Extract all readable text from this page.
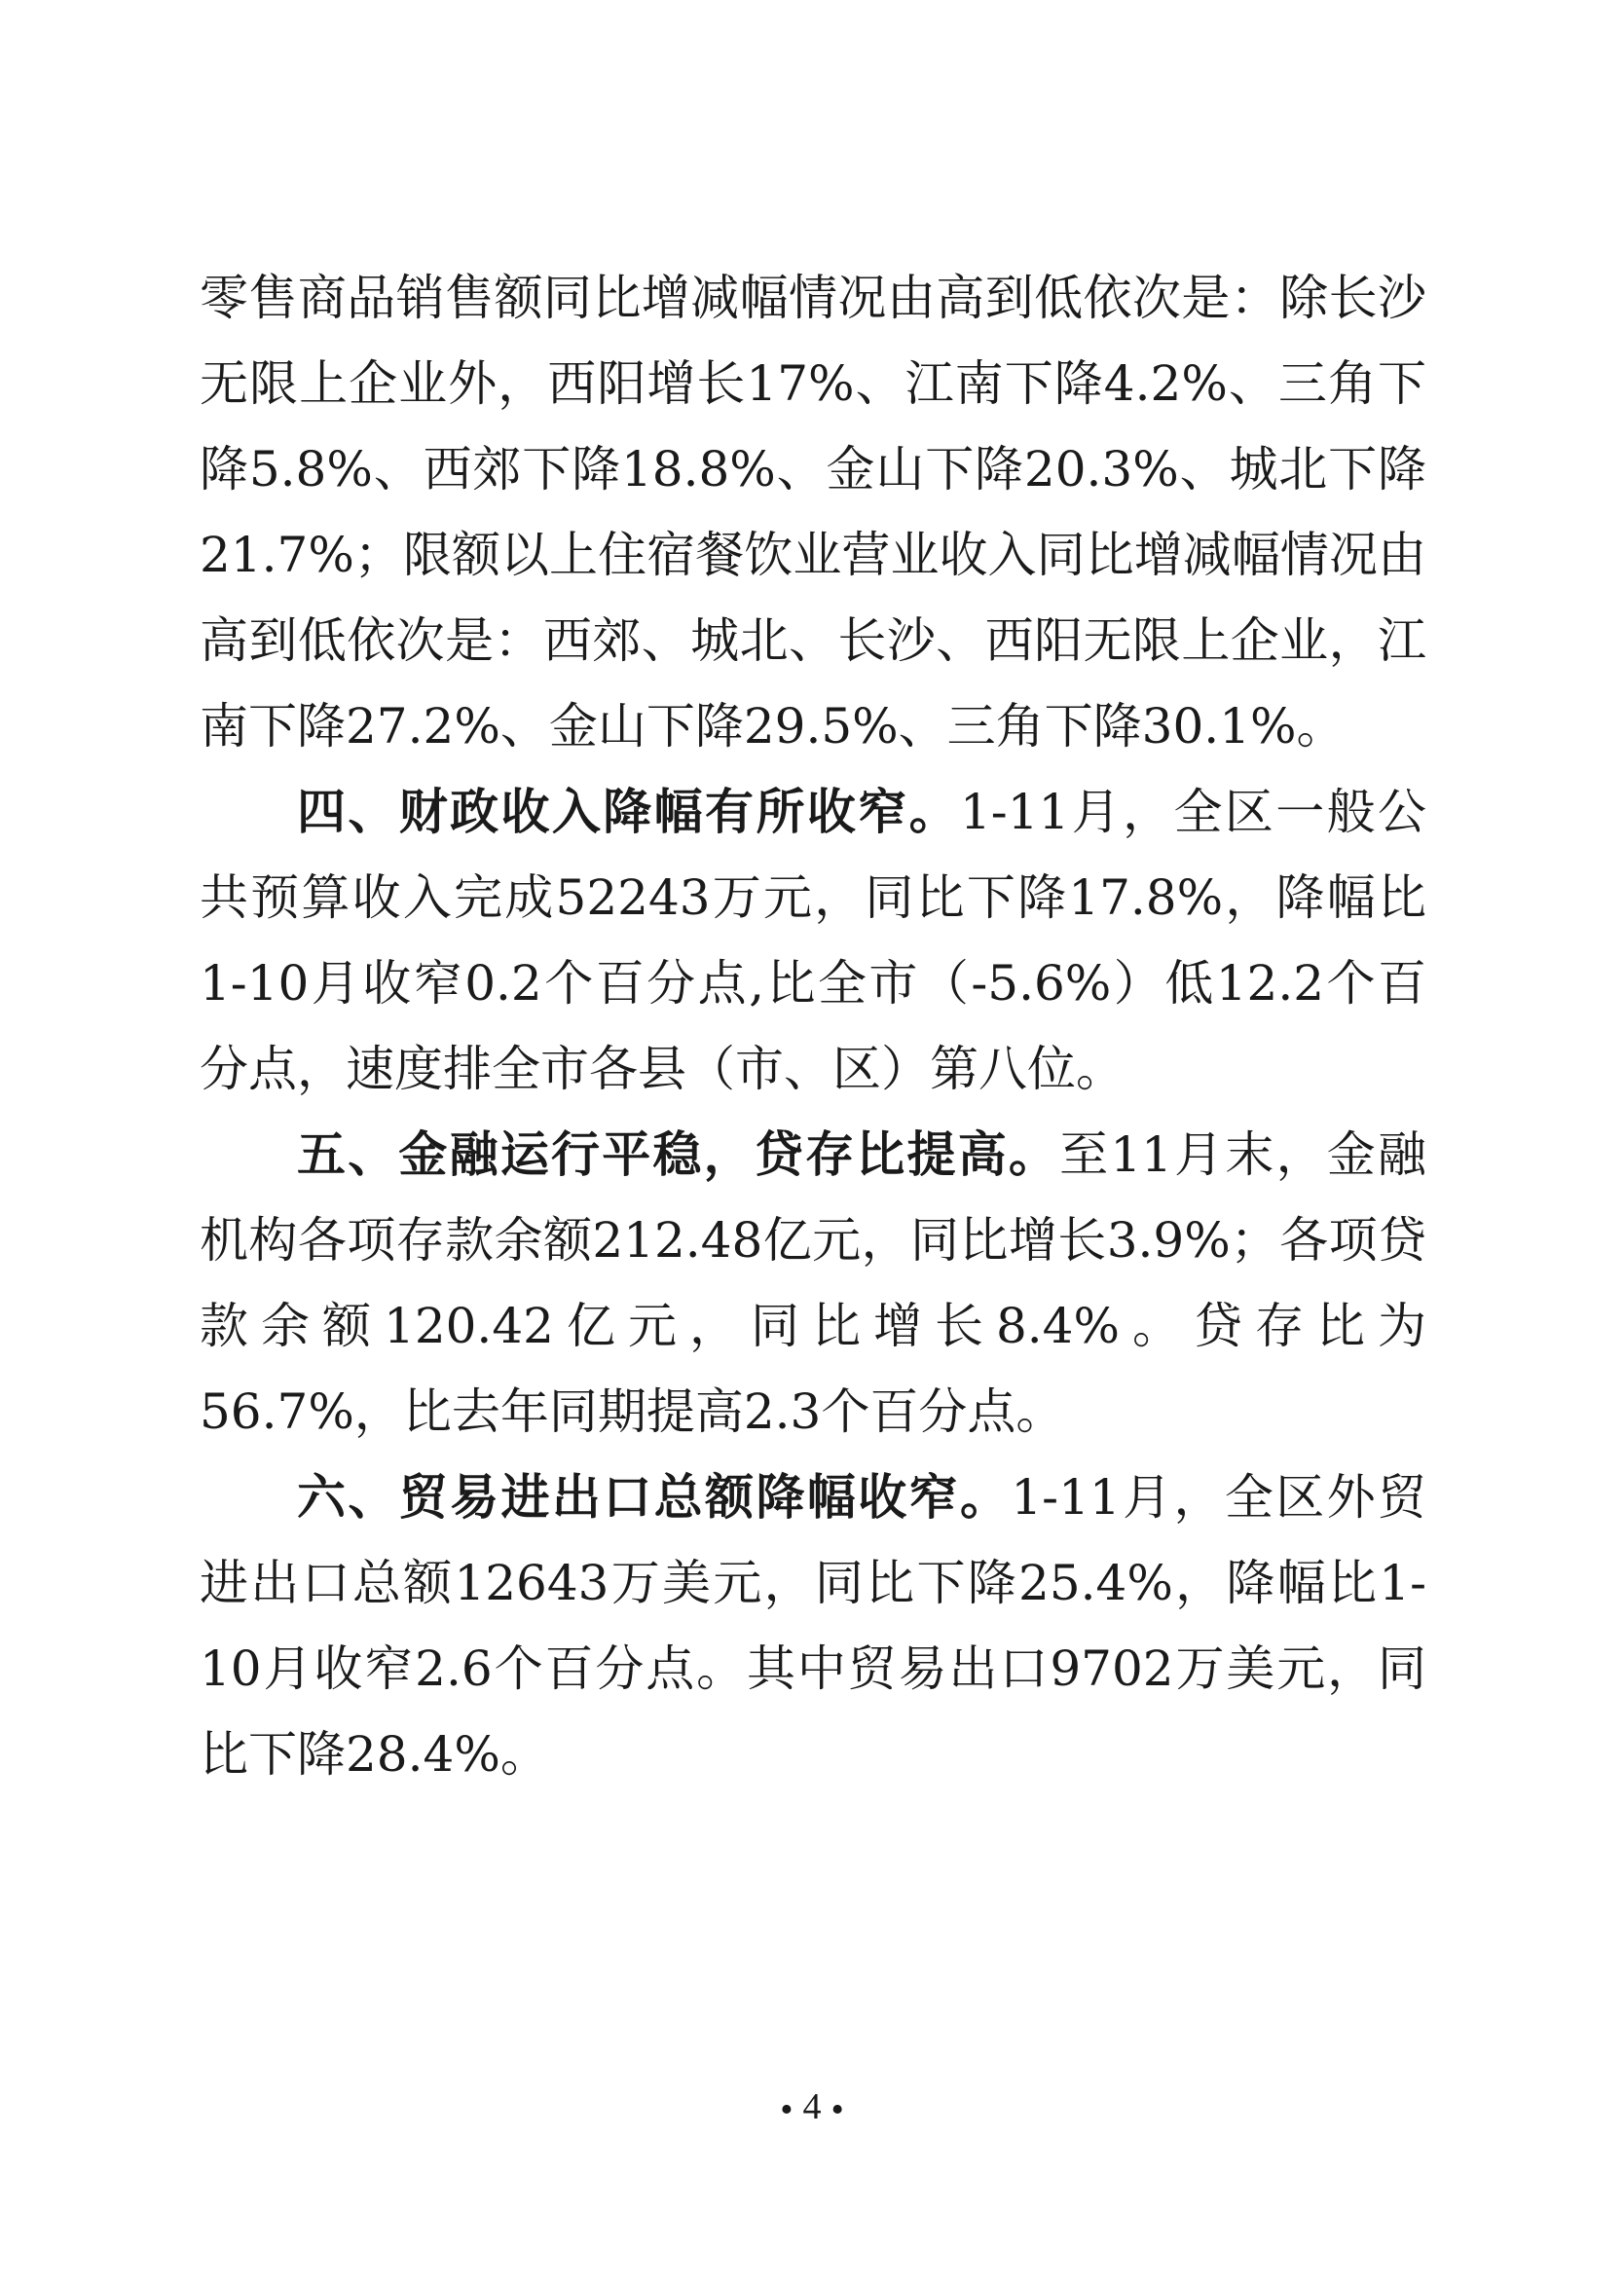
零售商品销售额同比增减幅情况由高到低依次是：除长沙无限上企业外，西阳增长17%、江南下降4.2%、三角下降5.8%、西郊下降18.8%、金山下降20.3%、城北下降21.7%；限额以上住宿餐饮业营业收入同比增减幅情况由高到低依次是：西郊、城北、长沙、西阳无限上企业，江南下降27.2%、金山下降29.5%、三角下降30.1%。

四、财政收入降幅有所收窄。1-11月，全区一般公共预算收入完成52243万元，同比下降17.8%，降幅比1-10月收窄0.2个百分点,比全市（-5.6%）低12.2个百分点，速度排全市各县（市、区）第八位。

五、金融运行平稳，贷存比提高。至11月末，金融机构各项存款余额212.48亿元，同比增长3.9%；各项贷款余额120.42亿元，同比增长8.4%。贷存比为56.7%，比去年同期提高2.3个百分点。

六、贸易进出口总额降幅收窄。1-11月，全区外贸进出口总额12643万美元，同比下降25.4%，降幅比1-10月收窄2.6个百分点。其中贸易出口9702万美元，同比下降28.4%。

• 4 •
